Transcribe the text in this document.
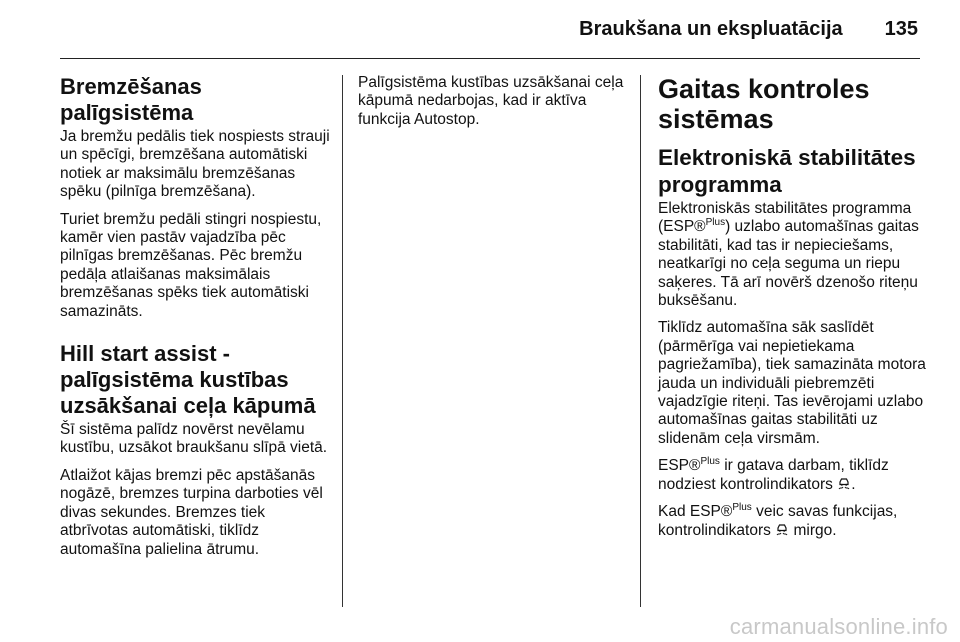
Braukšana un ekspluatācija 135
Bremzēšanas palīgsistēma

Ja bremžu pedālis tiek nospiests strauji un spēcīgi, bremzēšana automātiski notiek ar maksimālu bremzēšanas spēku (pilnīga bremzēšana).

Turiet bremžu pedāli stingri nospiestu, kamēr vien pastāv vajadzība pēc pilnīgas bremzēšanas. Pēc bremžu pedāļa atlaišanas maksimālais bremzēšanas spēks tiek automātiski samazināts.

Hill start assist - palīgsistēma kustības uzsākšanai ceļa kāpumā

Šī sistēma palīdz novērst nevēlamu kustību, uzsākot braukšanu slīpā vietā.

Atlaižot kājas bremzi pēc apstāšanās nogāzē, bremzes turpina darboties vēl divas sekundes. Bremzes tiek atbrīvotas automātiski, tiklīdz automašīna palielina ātrumu.

Palīgsistēma kustības uzsākšanai ceļa kāpumā nedarbojas, kad ir aktīva funkcija Autostop.

Gaitas kontroles sistēmas
Elektroniskā stabilitātes programma

Elektroniskās stabilitātes programma (ESP®$^{Plus}$) uzlabo automašīnas gaitas stabilitāti, kad tas ir nepieciešams, neatkarīgi no ceļa seguma un riepu saķeres. Tā arī novērš dzenošo riteņu buksēšanu.

Tiklīdz automašīna sāk saslīdēt (pārmērīga vai nepietiekama pagriežamība), tiek samazināta motora jauda un individuāli piebremzēti vajadzīgie riteņi. Tas ievērojami uzlabo automašīnas gaitas stabilitāti uz slidenām ceļa virsmām.

ESP®$^{Plus}$ ir gatava darbam, tiklīdz nodziest kontrolindikators .

Kad ESP®$^{Plus}$ veic savas funkcijas, kontrolindikators  mirgo.

carmanualsonline.info
